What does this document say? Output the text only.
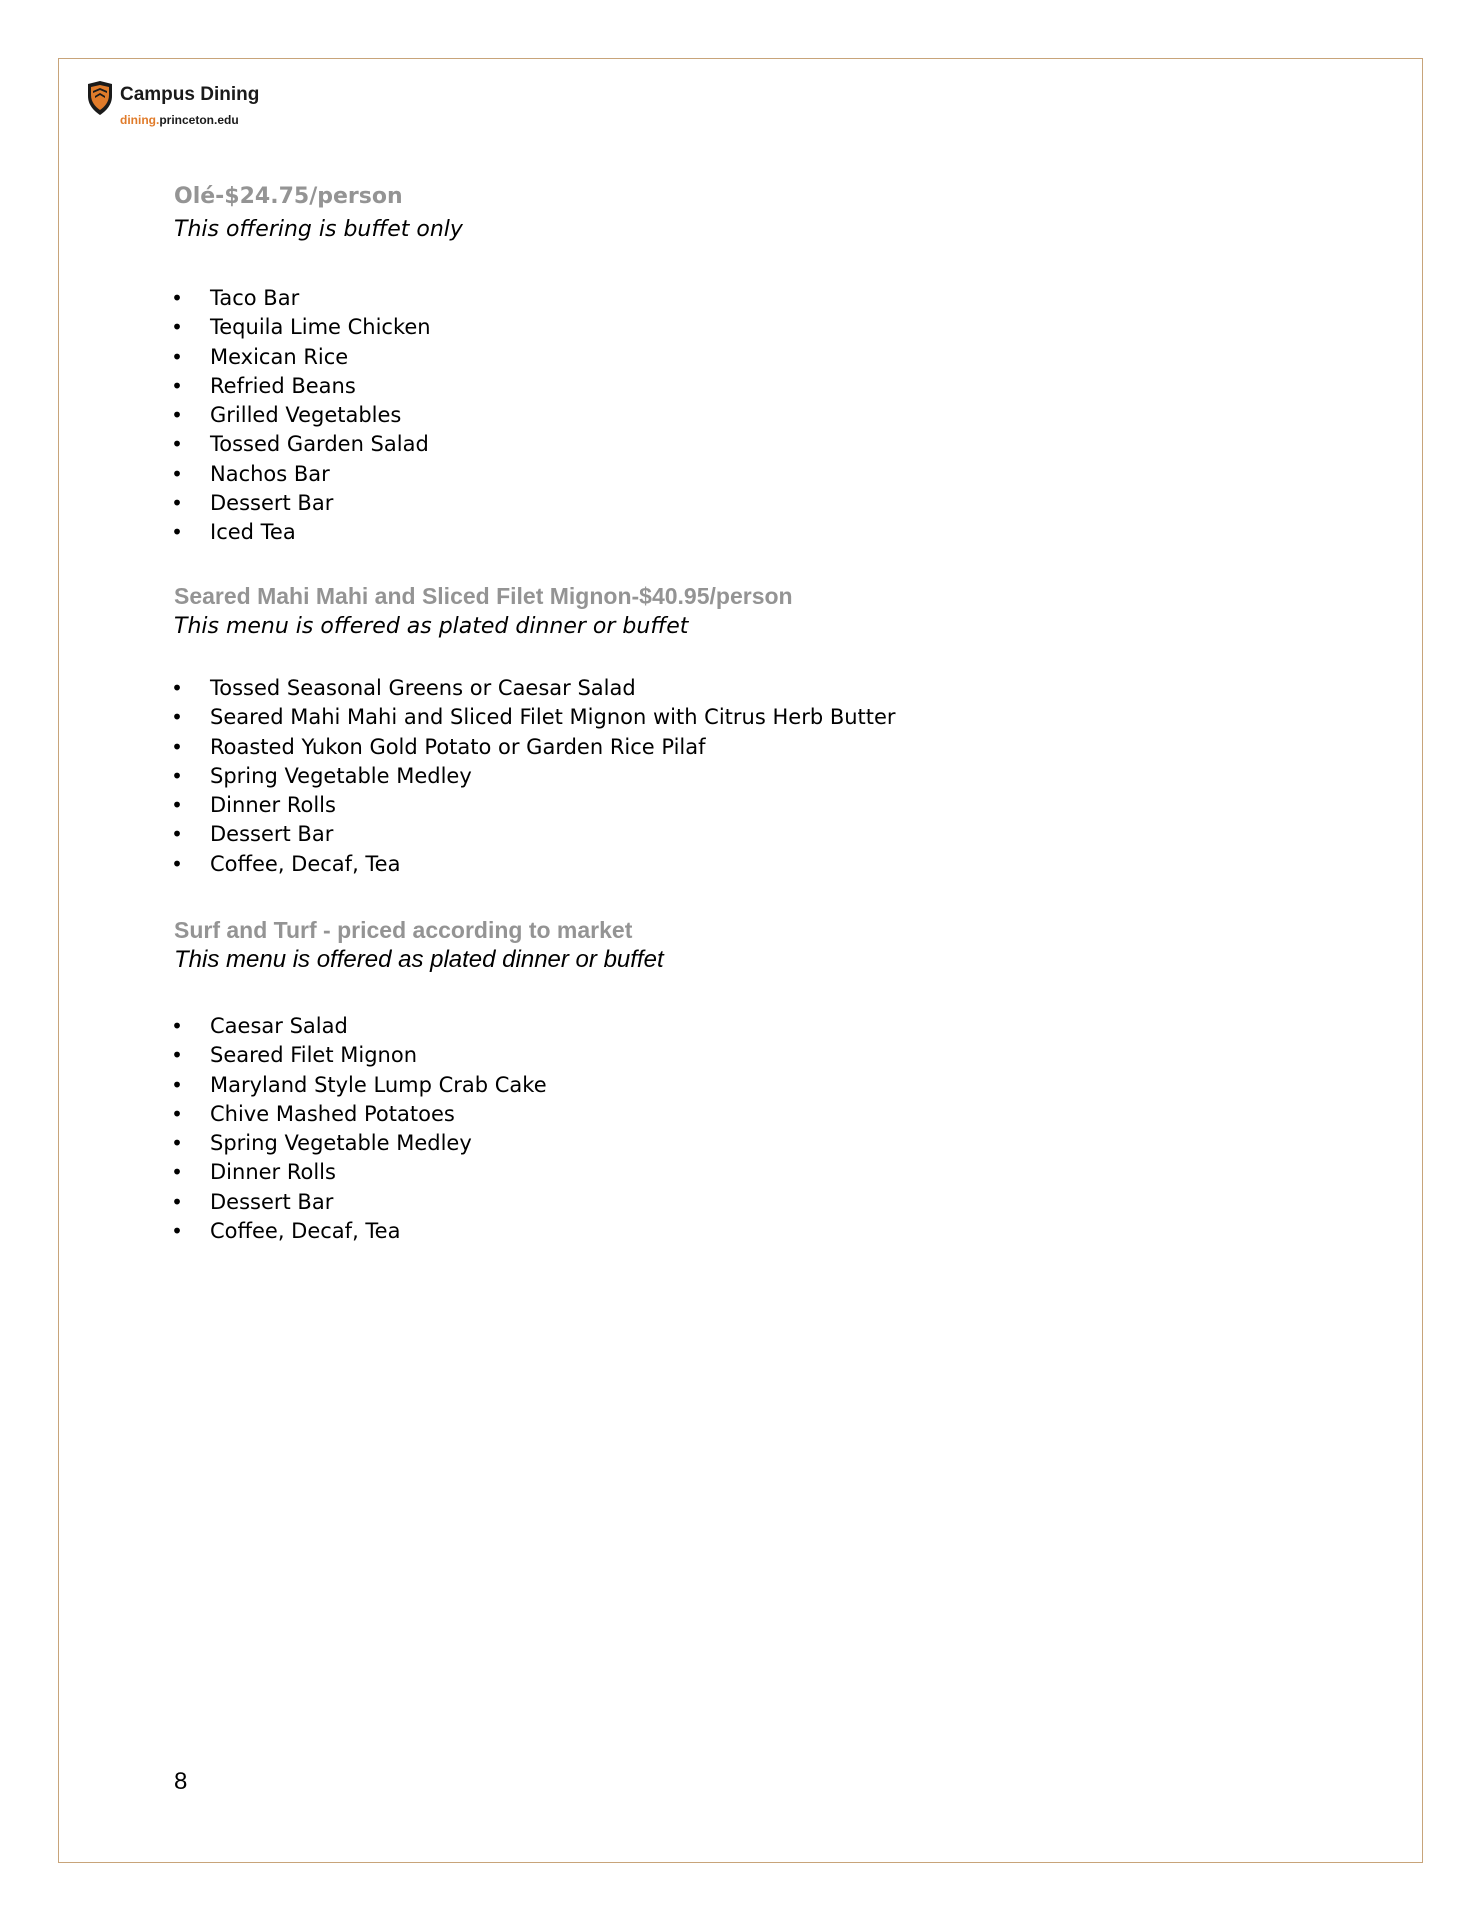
Campus Dining
dining.princeton.edu
Olé-$24.75/person
This offering is buffet only
• Taco Bar
• Tequila Lime Chicken
• Mexican Rice
• Refried Beans
• Grilled Vegetables
• Tossed Garden Salad
• Nachos Bar
• Dessert Bar
• Iced Tea
Seared Mahi Mahi and Sliced Filet Mignon-$40.95/person
This menu is offered as plated dinner or buffet
• Tossed Seasonal Greens or Caesar Salad
• Seared Mahi Mahi and Sliced Filet Mignon with Citrus Herb Butter
• Roasted Yukon Gold Potato or Garden Rice Pilaf
• Spring Vegetable Medley
• Dinner Rolls
• Dessert Bar
• Coffee, Decaf, Tea
Surf and Turf - priced according to market
This menu is offered as plated dinner or buffet
• Caesar Salad
• Seared Filet Mignon
• Maryland Style Lump Crab Cake
• Chive Mashed Potatoes
• Spring Vegetable Medley
• Dinner Rolls
• Dessert Bar
• Coffee, Decaf, Tea
8
